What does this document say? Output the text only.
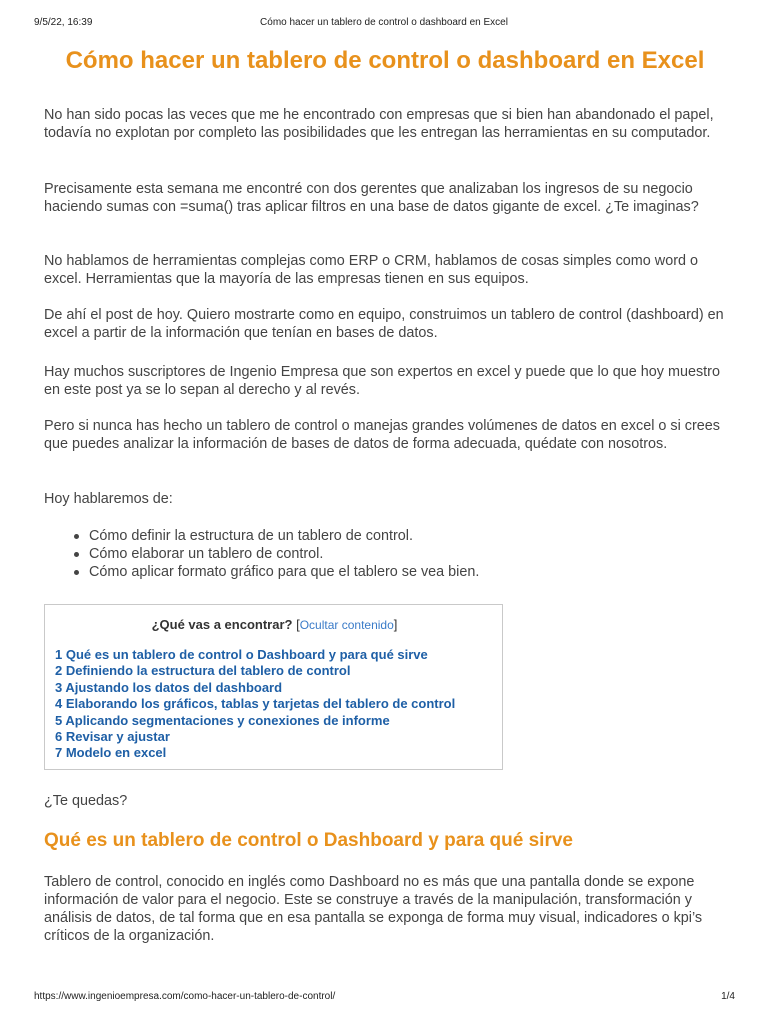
9/5/22, 16:39	Cómo hacer un tablero de control o dashboard en Excel
Cómo hacer un tablero de control o dashboard en Excel

No han sido pocas las veces que me he encontrado con empresas que si bien han abandonado el papel, todavía no explotan por completo las posibilidades que les entregan las herramientas en su computador.

Precisamente esta semana me encontré con dos gerentes que analizaban los ingresos de su negocio haciendo sumas con =suma() tras aplicar filtros en una base de datos gigante de excel. ¿Te imaginas?

No hablamos de herramientas complejas como ERP o CRM, hablamos de cosas simples como word o excel. Herramientas que la mayoría de las empresas tienen en sus equipos.

De ahí el post de hoy. Quiero mostrarte como en equipo, construimos un tablero de control (dashboard) en excel a partir de la información que tenían en bases de datos.

Hay muchos suscriptores de Ingenio Empresa que son expertos en excel y puede que lo que hoy muestro en este post ya se lo sepan al derecho y al revés.

Pero si nunca has hecho un tablero de control o manejas grandes volúmenes de datos en excel o si crees que puedes analizar la información de bases de datos de forma adecuada, quédate con nosotros.

Hoy hablaremos de:

Cómo definir la estructura de un tablero de control.
Cómo elaborar un tablero de control.
Cómo aplicar formato gráfico para que el tablero se vea bien.
¿Qué vas a encontrar? [Ocultar contenido]
1 Qué es un tablero de control o Dashboard y para qué sirve
2 Definiendo la estructura del tablero de control
3 Ajustando los datos del dashboard
4 Elaborando los gráficos, tablas y tarjetas del tablero de control
5 Aplicando segmentaciones y conexiones de informe
6 Revisar y ajustar
7 Modelo en excel

¿Te quedas?

Qué es un tablero de control o Dashboard y para qué sirve

Tablero de control, conocido en inglés como Dashboard no es más que una pantalla donde se expone información de valor para el negocio. Este se construye a través de la manipulación, transformación y análisis de datos, de tal forma que en esa pantalla se exponga de forma muy visual, indicadores o kpi’s críticos de la organización.

https://www.ingenioempresa.com/como-hacer-un-tablero-de-control/	1/4
